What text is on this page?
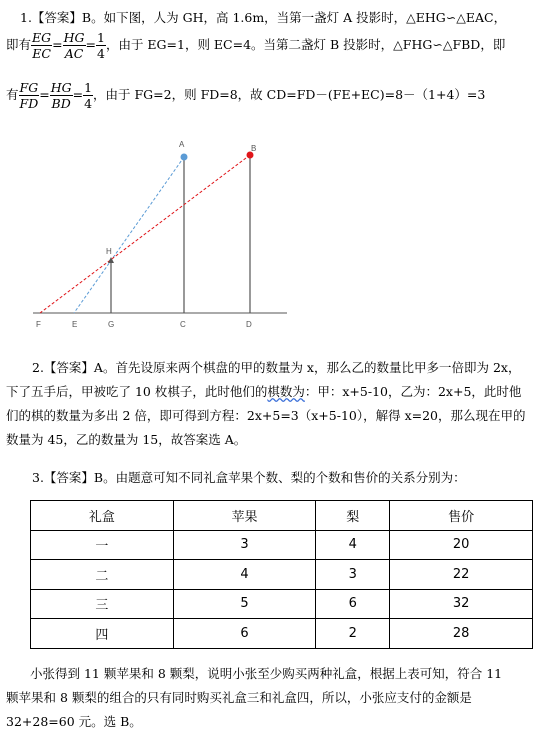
1.【答案】B。如下图，人为 GH，高 1.6m，当第一盏灯 A 投影时，△EHG∽△EAC，
即有 $\frac{EG}{EC} = \frac{HG}{AC} = \frac{1}{4}$ ，由于 EG=1，则 EC=4。当第二盏灯 B 投影时，△FHG∽△FBD，即
有 $\frac{FG}{FD} = \frac{HG}{BD} = \frac{1}{4}$ ，由于 FG=2，则 FD=8，故 CD=FD－(FE+EC)=8－（1+4）=3
A	B
H
F	E	G	C	D
2.【答案】A。首先设原来两个棋盘的甲的数量为 x，那么乙的数量比甲多一倍即为 2x，
下了五手后，甲被吃了 10 枚棋子，此时他们的棋数为：甲：x+5-10，乙为：2x+5，此时他
们的棋的数量为多出 2 倍，即可得到方程：2x+5=3（x+5-10），解得 x=20，那么现在甲的
数量为 45，乙的数量为 15，故答案选 A。
3.【答案】B。由题意可知不同礼盒苹果个数、梨的个数和售价的关系分别为：
礼盒	苹果	梨	售价
一	3	4	20
二	4	3	22
三	5	6	32
四	6	2	28
小张得到 11 颗苹果和 8 颗梨，说明小张至少购买两种礼盒，根据上表可知，符合 11
颗苹果和 8 颗梨的组合的只有同时购买礼盒三和礼盒四，所以，小张应支付的金额是
32+28=60 元。选 B。
